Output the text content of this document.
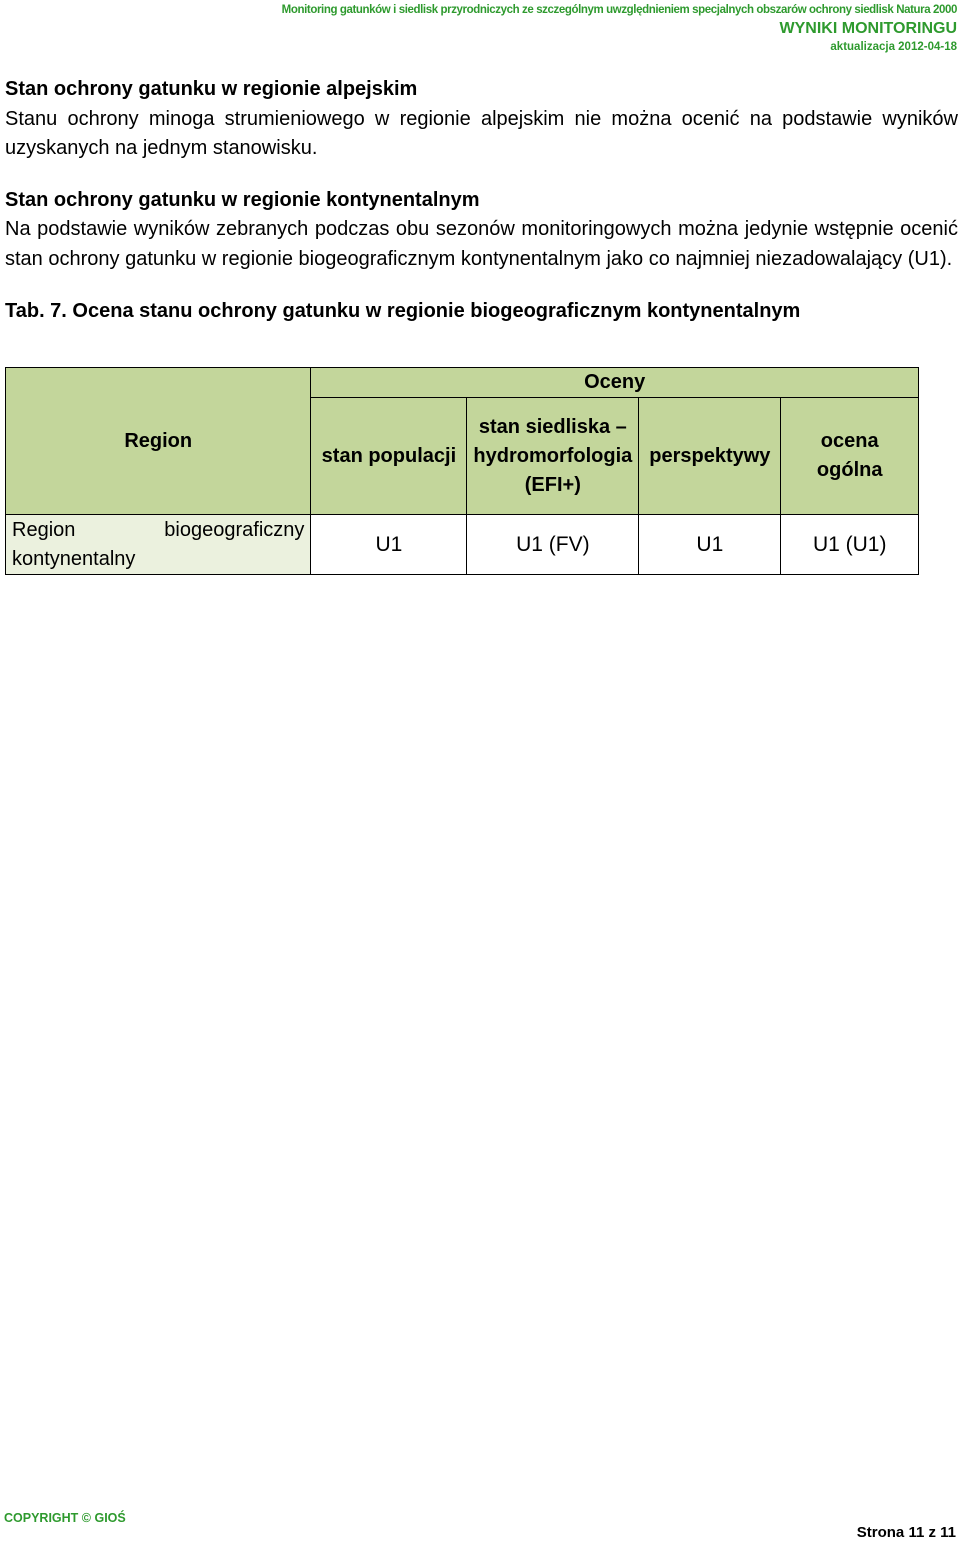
Monitoring gatunków i siedlisk przyrodniczych ze szczególnym uwzględnieniem specjalnych obszarów ochrony siedlisk Natura 2000
WYNIKI MONITORINGU
aktualizacja 2012-04-18

Stan ochrony gatunku w regionie alpejskim

Stanu ochrony minoga strumieniowego w regionie alpejskim nie można ocenić na podstawie wyników uzyskanych na jednym stanowisku.

Stan ochrony gatunku w regionie kontynentalnym

Na podstawie wyników zebranych podczas obu sezonów monitoringowych można jedynie wstępnie ocenić stan ochrony gatunku w regionie biogeograficznym kontynentalnym jako co najmniej niezadowalający (U1).

Tab. 7. Ocena stanu ochrony gatunku w regionie biogeograficznym kontynentalnym

Region	Oceny			
	stan populacji	stan siedliska – hydromorfologia (EFI+)	perspektywy	ocena ogólna
Region biogeograficzny kontynentalny	U1	U1 (FV)	U1	U1 (U1)
COPYRIGHT © GIOŚ
Strona 11 z 11
